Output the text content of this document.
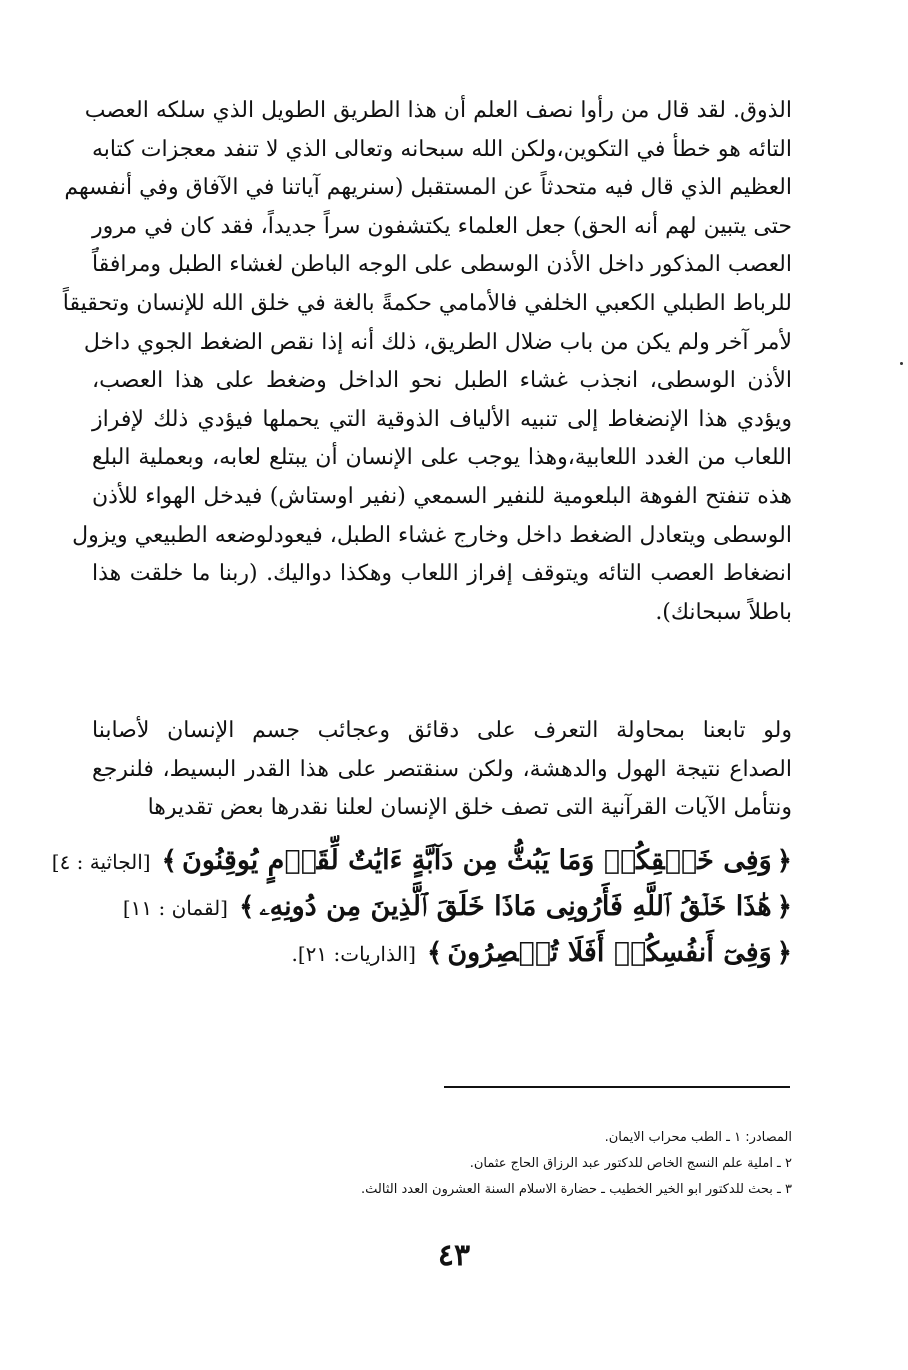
الذوق. لقد قال من رأوا نصف العلم أن هذا الطريق الطويل الذي سلكه العصب
التائه هو خطأ في التكوين،ولكن الله سبحانه وتعالى الذي لا تنفد معجزات كتابه
العظيم الذي قال فيه متحدثاً عن المستقبل (سنريهم آياتنا في الآفاق وفي أنفسهم
حتى يتبين لهم أنه الحق) جعل العلماء يكتشفون سراً جديداً، فقد كان في مرور
العصب المذكور داخل الأذن الوسطى على الوجه الباطن لغشاء الطبل ومرافقاً
للرباط الطبلي الكعبي الخلفي فالأمامي حكمةً بالغة في خلق الله للإنسان وتحقيقاً
لأمر آخر ولم يكن من باب ضلال الطريق، ذلك أنه إذا نقص الضغط الجوي داخل
الأذن الوسطى، انجذب غشاء الطبل نحو الداخل وضغط على هذا العصب،
ويؤدي هذا الإنضغاط إلى تنبيه الألياف الذوقية التي يحملها فيؤدي ذلك لإفراز
اللعاب من الغدد اللعابية،وهذا يوجب على الإنسان أن يبتلع لعابه، وبعملية البلع
هذه تنفتح الفوهة البلعومية للنفير السمعي (نفير اوستاش) فيدخل الهواء للأذن
الوسطى ويتعادل الضغط داخل وخارج غشاء الطبل، فيعودلوضعه الطبيعي ويزول
انضغاط العصب التائه ويتوقف إفراز اللعاب وهكذا دواليك. (ربنا ما خلقت هذا
باطلاً سبحانك).
ولو تابعنا بمحاولة التعرف على دقائق وعجائب جسم الإنسان لأصابنا
الصداع نتيجة الهول والدهشة، ولكن سنقتصر على هذا القدر البسيط، فلنرجع
ونتأمل الآيات القرآنية التى تصف خلق الإنسان لعلنا نقدرها بعض تقديرها
﴿ وَفِى خَلۡقِكُمۡ وَمَا يَبُثُّ مِن دَآبَّةٍ ءَايَٰتٌ لِّقَوۡمٍ يُوقِنُونَ ﴾ [الجاثية : ٤]
﴿ هَٰذَا خَلۡقُ ٱللَّهِ فَأَرُونِى مَاذَا خَلَقَ ٱلَّذِينَ مِن دُونِهِۦ ﴾ [لقمان : ١١]
﴿ وَفِىٓ أَنفُسِكُمۡ أَفَلَا تُبۡصِرُونَ ﴾ [الذاريات: ٢١].
المصادر: ١ ـ الطب محراب الايمان.
٢ ـ املية علم النسج الخاص للدكتور عبد الرزاق الحاج عثمان.
٣ ـ بحث للدكتور ابو الخير الخطيب ـ حضارة الاسلام السنة العشرون العدد الثالث.
٤٣
